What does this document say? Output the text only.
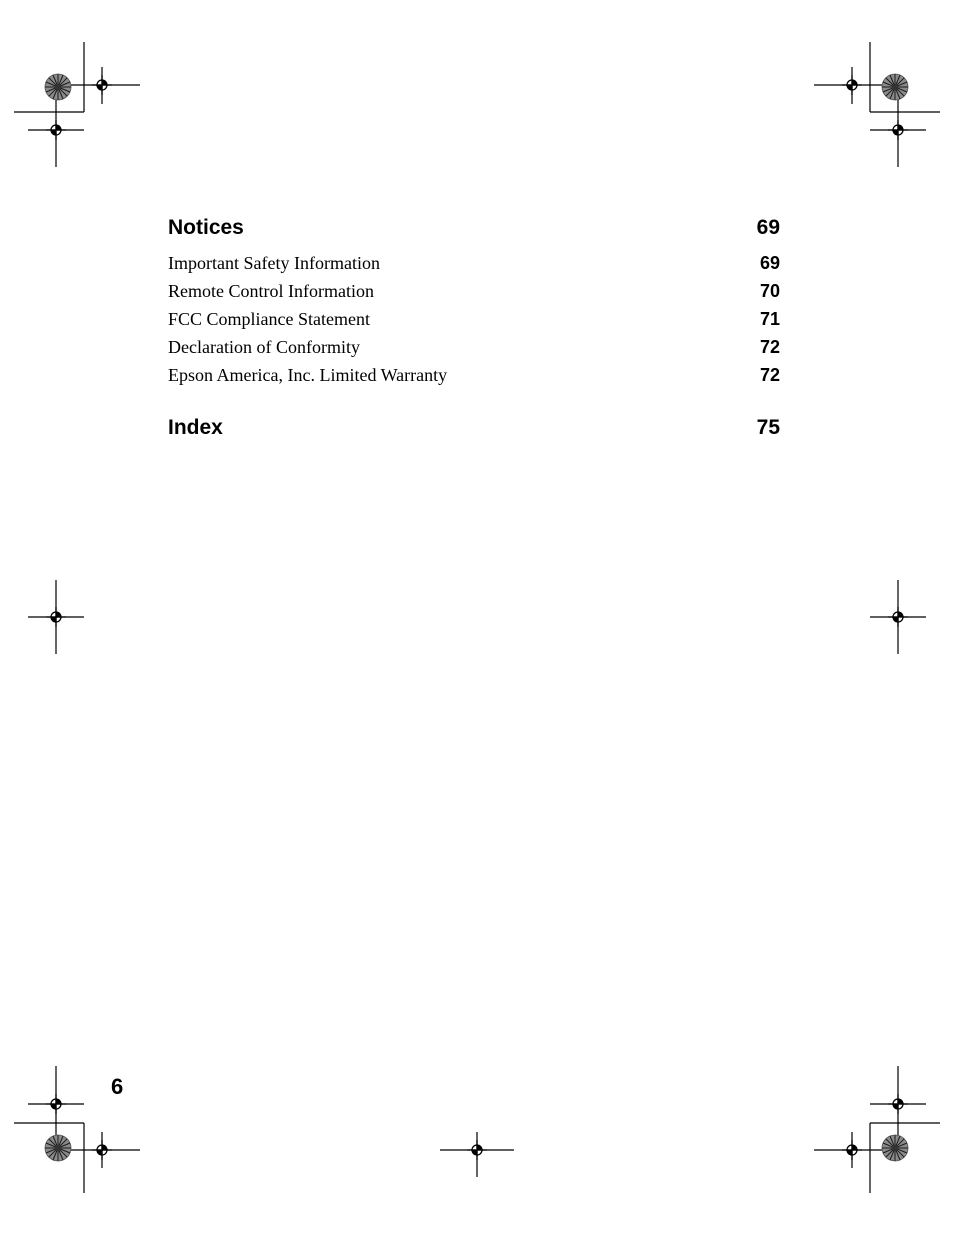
Notices	69
Important Safety Information	69
Remote Control Information	70
FCC Compliance Statement	71
Declaration of Conformity	72
Epson America, Inc. Limited Warranty	72
Index	75
6
